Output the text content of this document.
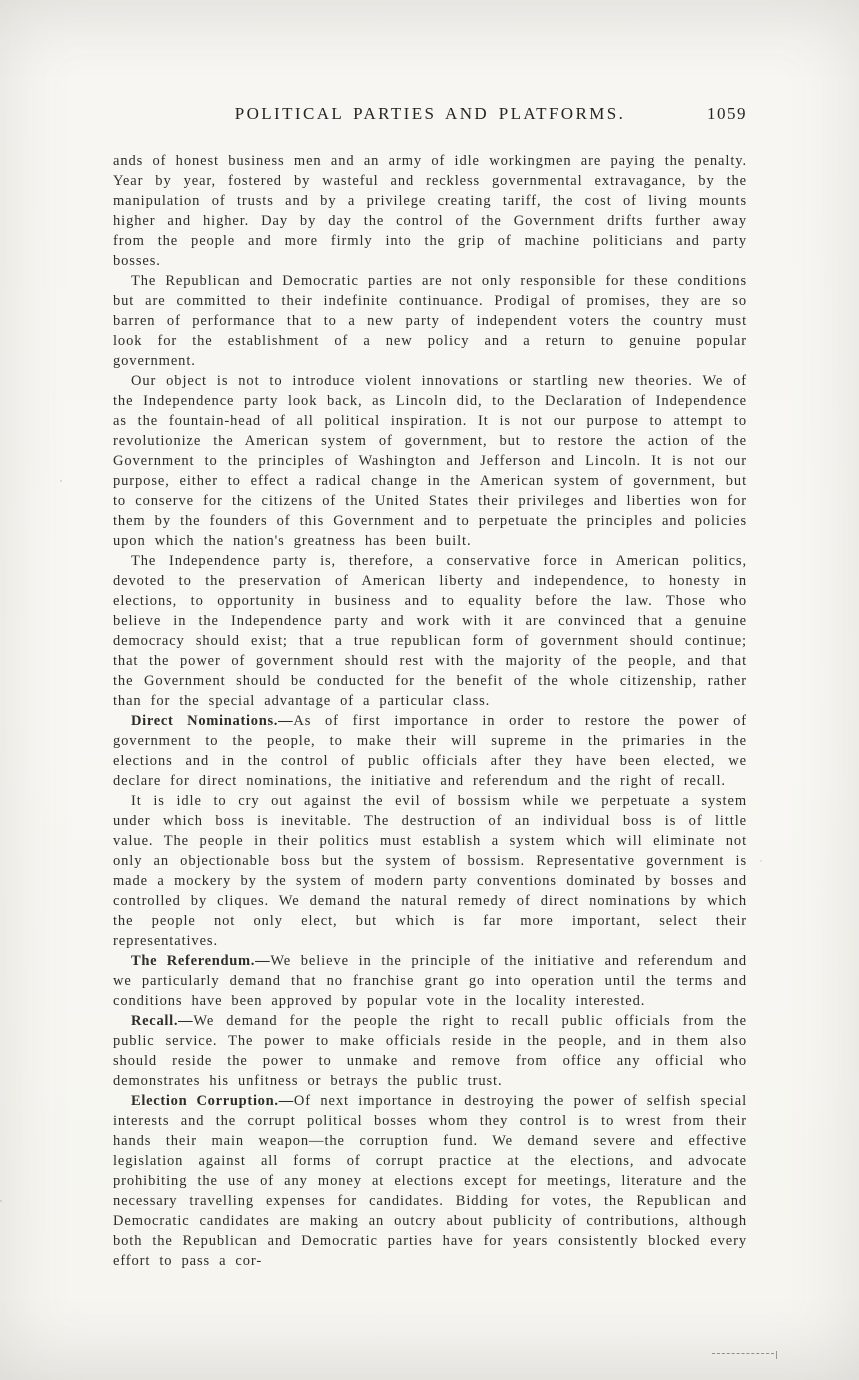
POLITICAL PARTIES AND PLATFORMS.	1059

ands of honest business men and an army of idle workingmen are paying the penalty. Year by year, fostered by wasteful and reckless governmental extravagance, by the manipulation of trusts and by a privilege creating tariff, the cost of living mounts higher and higher. Day by day the control of the Government drifts further away from the people and more firmly into the grip of machine politicians and party bosses.

The Republican and Democratic parties are not only responsible for these conditions but are committed to their indefinite continuance. Prodigal of promises, they are so barren of performance that to a new party of independent voters the country must look for the establishment of a new policy and a return to genuine popular government.

Our object is not to introduce violent innovations or startling new theories. We of the Independence party look back, as Lincoln did, to the Declaration of Independence as the fountain-head of all political inspiration. It is not our purpose to attempt to revolutionize the American system of government, but to restore the action of the Government to the principles of Washington and Jefferson and Lincoln. It is not our purpose, either to effect a radical change in the American system of government, but to conserve for the citizens of the United States their privileges and liberties won for them by the founders of this Government and to perpetuate the principles and policies upon which the nation's greatness has been built.

The Independence party is, therefore, a conservative force in American politics, devoted to the preservation of American liberty and independence, to honesty in elections, to opportunity in business and to equality before the law. Those who believe in the Independence party and work with it are convinced that a genuine democracy should exist; that a true republican form of government should continue; that the power of government should rest with the majority of the people, and that the Government should be conducted for the benefit of the whole citizenship, rather than for the special advantage of a particular class.

Direct Nominations.—As of first importance in order to restore the power of government to the people, to make their will supreme in the primaries in the elections and in the control of public officials after they have been elected, we declare for direct nominations, the initiative and referendum and the right of recall.

It is idle to cry out against the evil of bossism while we perpetuate a system under which boss is inevitable. The destruction of an individual boss is of little value. The people in their politics must establish a system which will eliminate not only an objectionable boss but the system of bossism. Representative government is made a mockery by the system of modern party conventions dominated by bosses and controlled by cliques. We demand the natural remedy of direct nominations by which the people not only elect, but which is far more important, select their representatives.

The Referendum.—We believe in the principle of the initiative and referendum and we particularly demand that no franchise grant go into operation until the terms and conditions have been approved by popular vote in the locality interested.

Recall.—We demand for the people the right to recall public officials from the public service. The power to make officials reside in the people, and in them also should reside the power to unmake and remove from office any official who demonstrates his unfitness or betrays the public trust.

Election Corruption.—Of next importance in destroying the power of selfish special interests and the corrupt political bosses whom they control is to wrest from their hands their main weapon—the corruption fund. We demand severe and effective legislation against all forms of corrupt practice at the elections, and advocate prohibiting the use of any money at elections except for meetings, literature and the necessary travelling expenses for candidates. Bidding for votes, the Republican and Democratic candidates are making an outcry about publicity of contributions, although both the Republican and Democratic parties have for years consistently blocked every effort to pass a cor-
